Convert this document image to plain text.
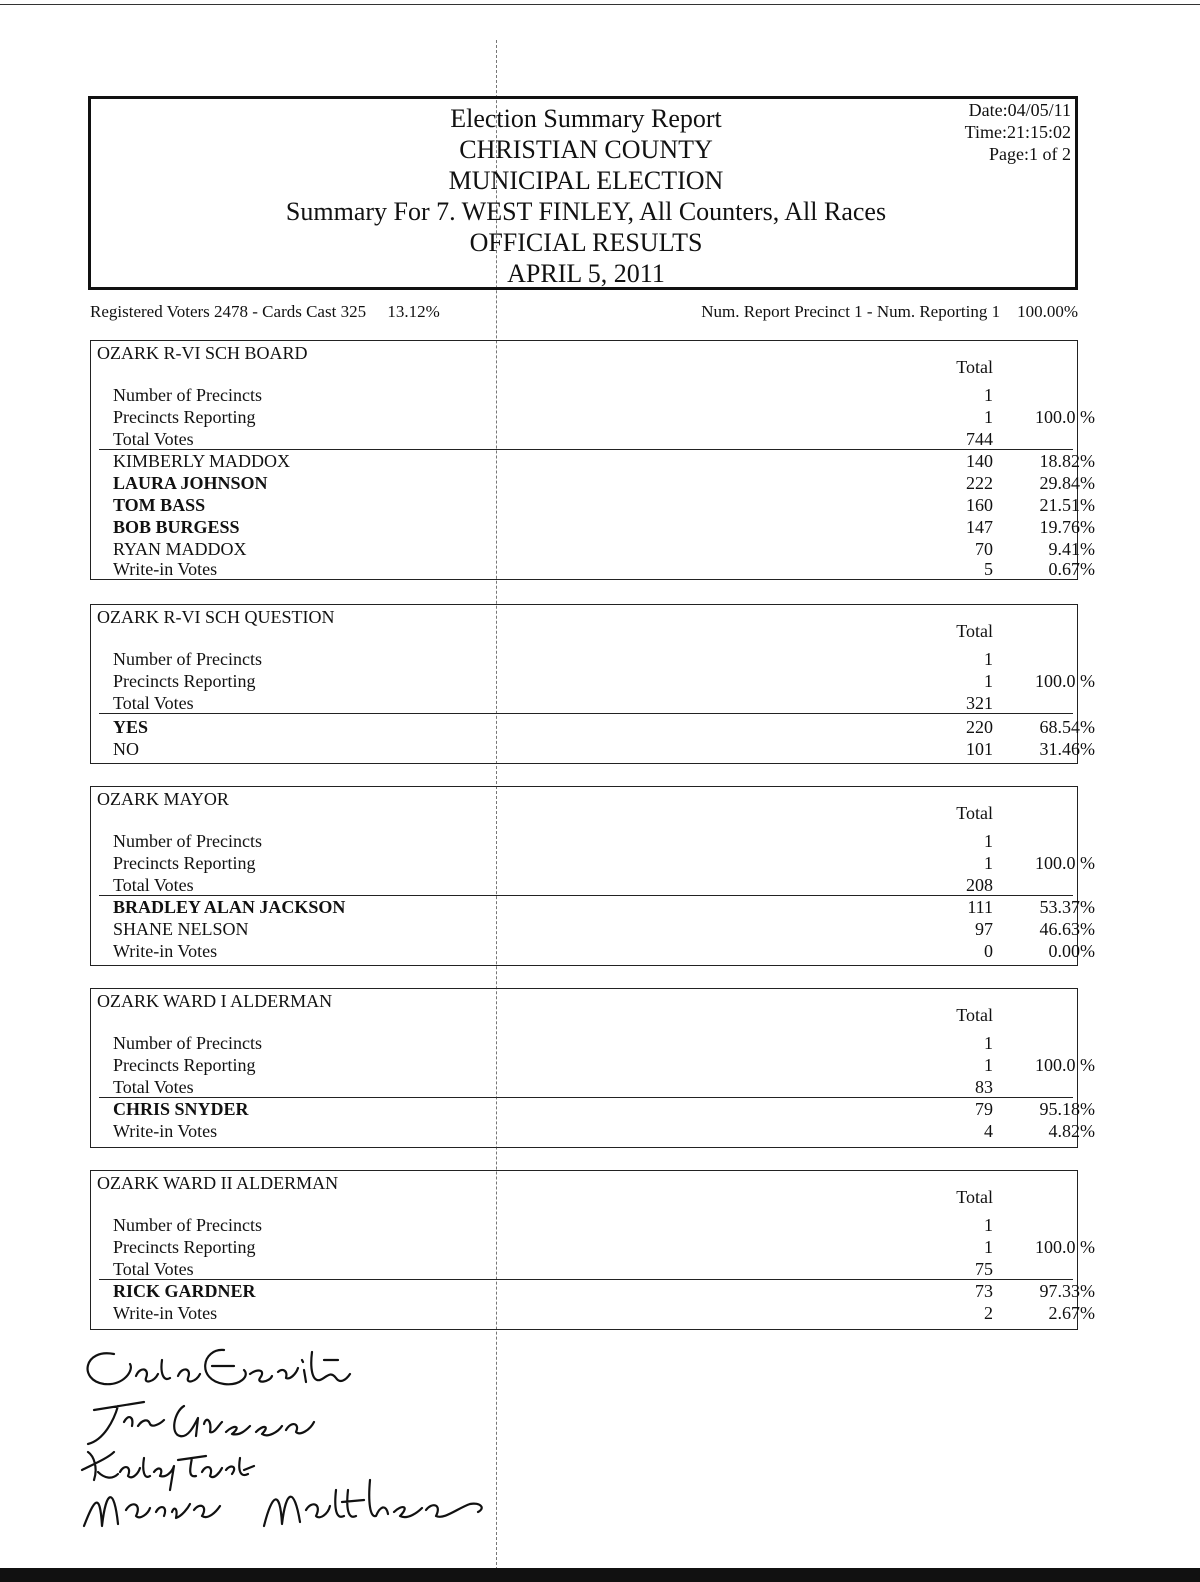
Election Summary Report
CHRISTIAN COUNTY
MUNICIPAL ELECTION
Summary For 7. WEST FINLEY, All Counters, All Races
OFFICIAL RESULTS
APRIL 5, 2011
Date:04/05/11
Time:21:15:02
Page:1 of 2
Registered Voters 2478 - Cards Cast 325 13.12%	Num. Report Precinct 1 - Num. Reporting 1 100.00%
OZARK R-VI SCH BOARD
Total
Number of Precincts	1
Precincts Reporting	1	100.0 %
Total Votes	744
KIMBERLY MADDOX	140	18.82%
LAURA JOHNSON	222	29.84%
TOM BASS	160	21.51%
BOB BURGESS	147	19.76%
RYAN MADDOX	70	9.41%
Write-in Votes	5	0.67%
OZARK R-VI SCH QUESTION
Total
Number of Precincts	1
Precincts Reporting	1	100.0 %
Total Votes	321
YES	220	68.54%
NO	101	31.46%
OZARK MAYOR
Total
Number of Precincts	1
Precincts Reporting	1	100.0 %
Total Votes	208
BRADLEY ALAN JACKSON	111	53.37%
SHANE NELSON	97	46.63%
Write-in Votes	0	0.00%
OZARK WARD I ALDERMAN
Total
Number of Precincts	1
Precincts Reporting	1	100.0 %
Total Votes	83
CHRIS SNYDER	79	95.18%
Write-in Votes	4	4.82%
OZARK WARD II ALDERMAN
Total
Number of Precincts	1
Precincts Reporting	1	100.0 %
Total Votes	75
RICK GARDNER	73	97.33%
Write-in Votes	2	2.67%
